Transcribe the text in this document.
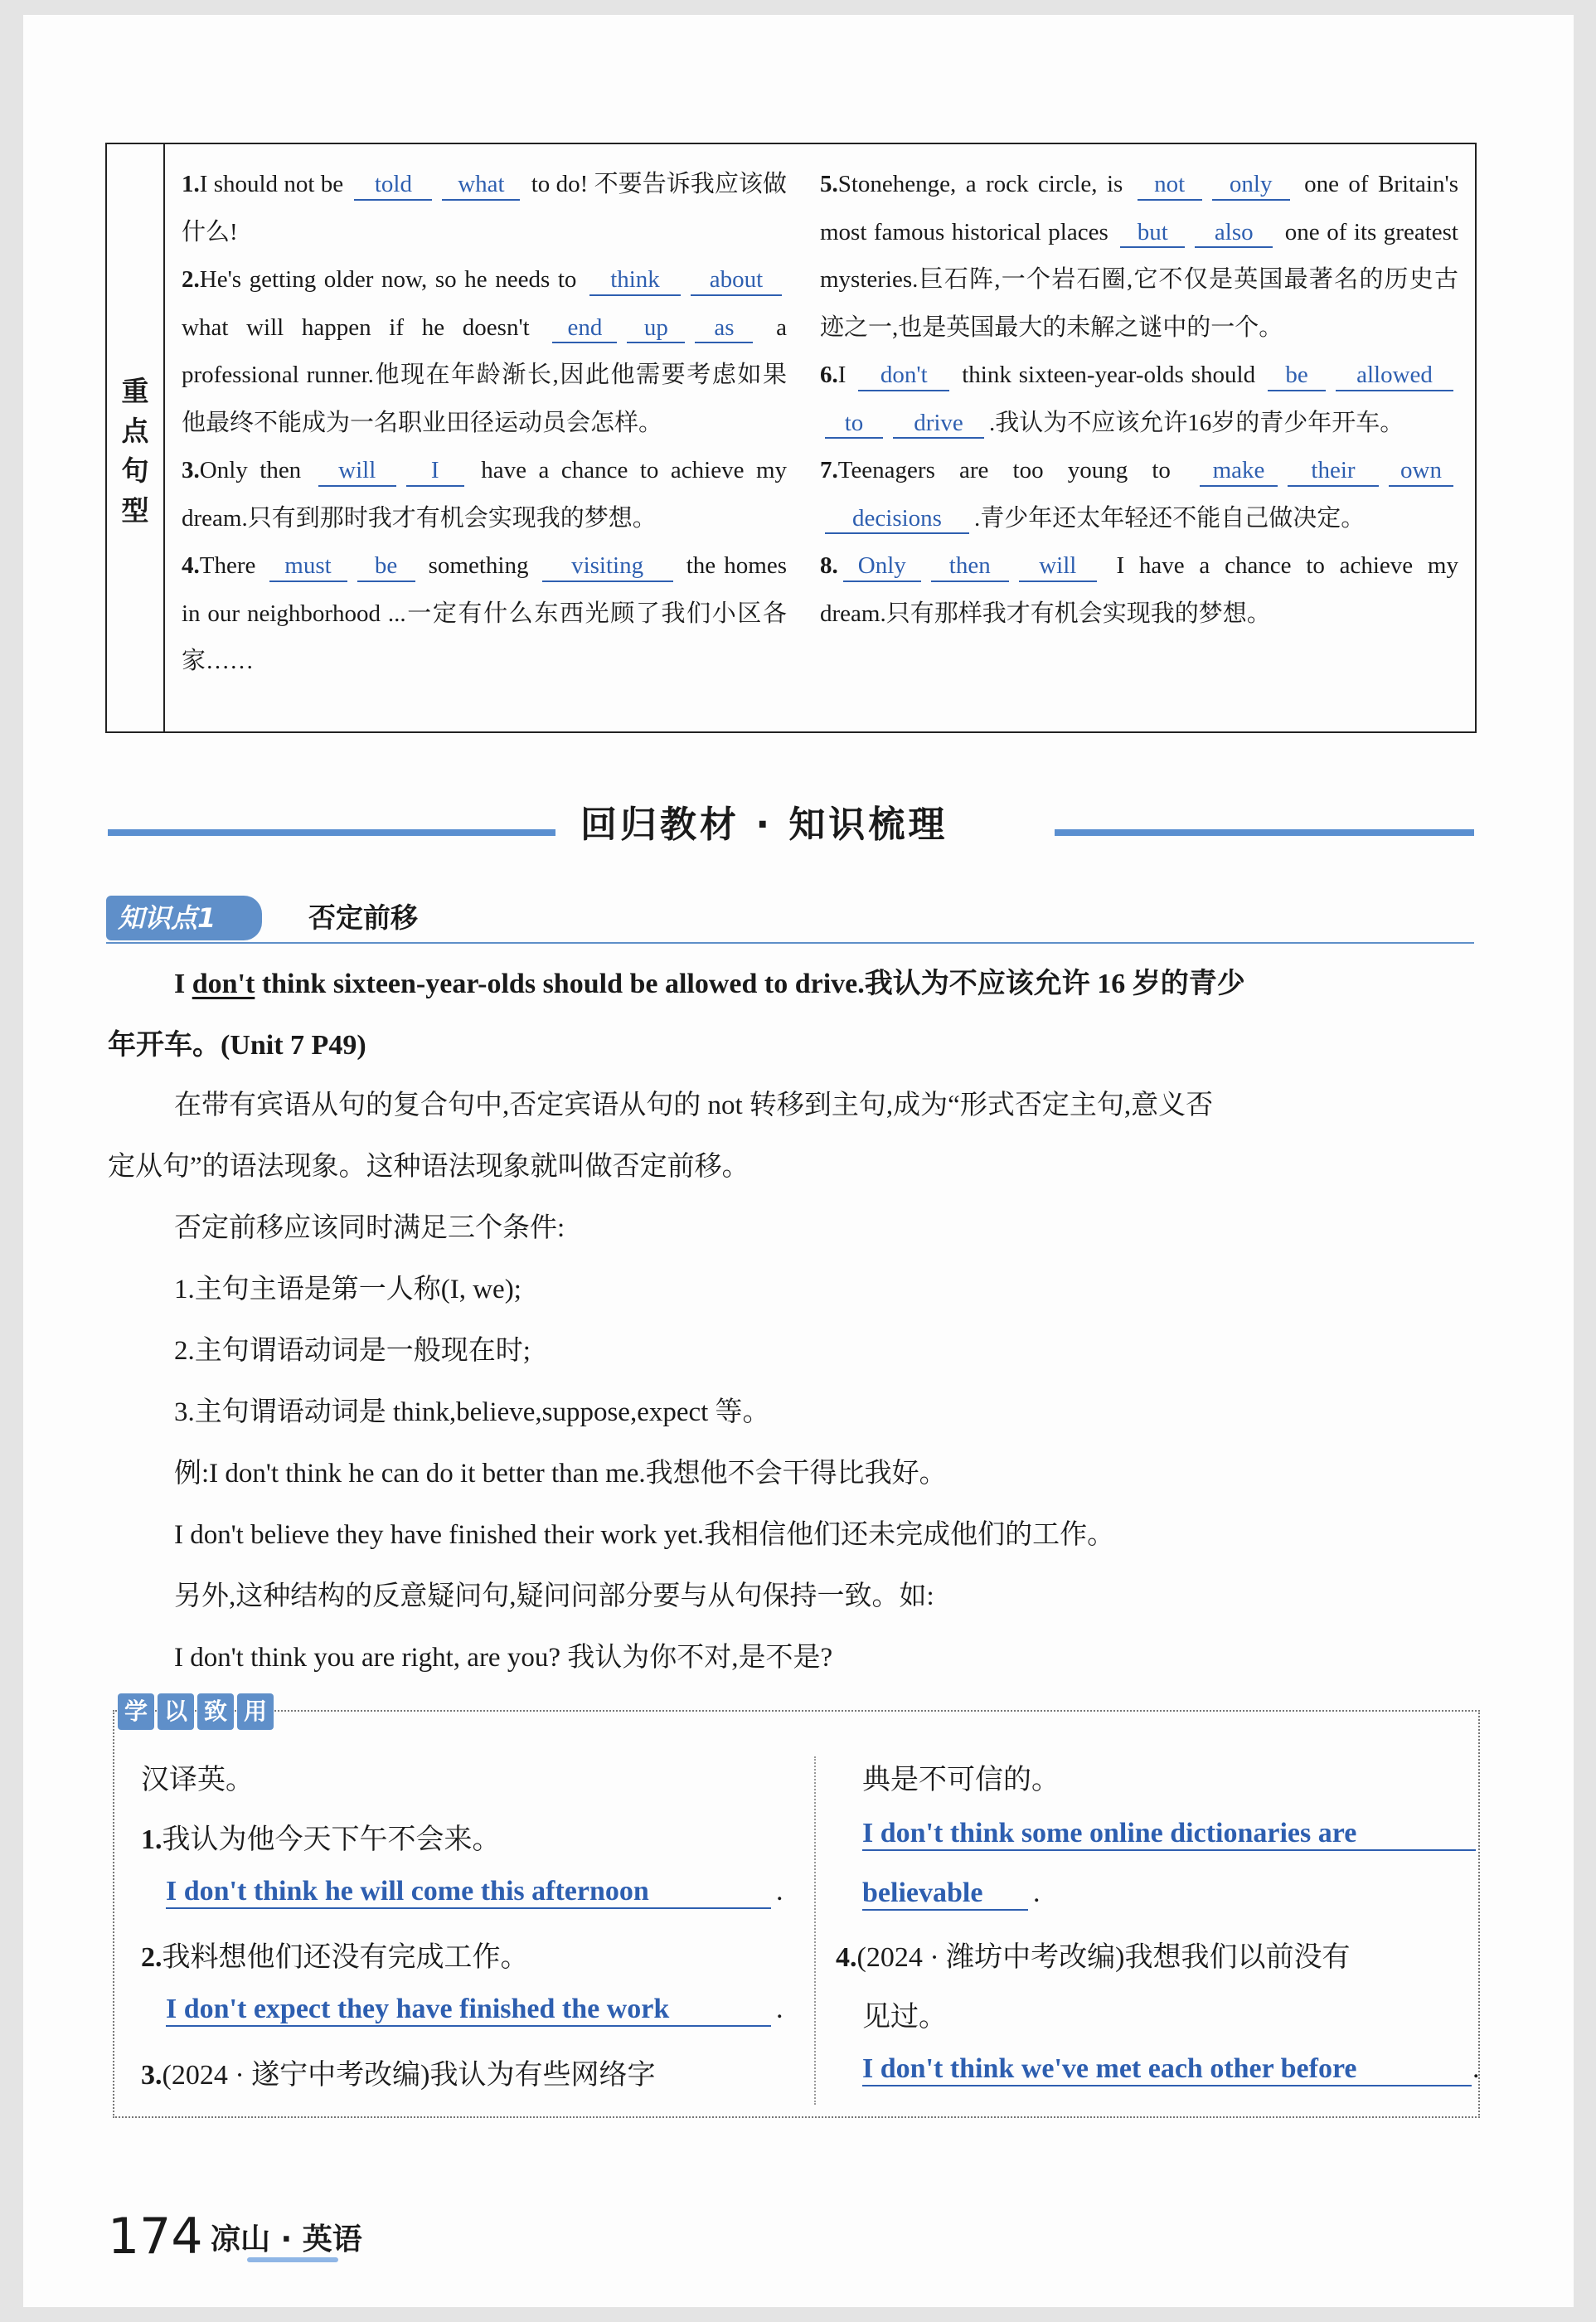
重
点
句
型

1.I should not be told what to do! 不要告诉我应该做什么!

2.He's getting older now, so he needs to think about what will happen if he doesn't end up as a professional runner.他现在年龄渐长,因此他需要考虑如果他最终不能成为一名职业田径运动员会怎样。

3.Only then will I have a chance to achieve my dream.只有到那时我才有机会实现我的梦想。

4.There must be something visiting the homes in our neighborhood ...一定有什么东西光顾了我们小区各家……

5.Stonehenge, a rock circle, is not only one of Britain's most famous historical places but also one of its greatest mysteries.巨石阵,一个岩石圈,它不仅是英国最著名的历史古迹之一,也是英国最大的未解之谜中的一个。

6.I don't think sixteen-year-olds should be allowedto drive .我认为不应该允许16岁的青少年开车。

7.Teenagers are too young to make their owndecisions .青少年还太年轻还不能自己做决定。

8. Only then will I have a chance to achieve my dream.只有那样我才有机会实现我的梦想。

回归教材 · 知识梳理
知识点1	否定前移
I don't think sixteen-year-olds should be allowed to drive.我认为不应该允许 16 岁的青少
年开车。(Unit 7 P49)
在带有宾语从句的复合句中,否定宾语从句的 not 转移到主句,成为“形式否定主句,意义否
定从句”的语法现象。这种语法现象就叫做否定前移。
否定前移应该同时满足三个条件:
1.主句主语是第一人称(I, we);
2.主句谓语动词是一般现在时;
3.主句谓语动词是 think,believe,suppose,expect 等。
例:I don't think he can do it better than me.我想他不会干得比我好。
I don't believe they have finished their work yet.我相信他们还未完成他们的工作。
另外,这种结构的反意疑问句,疑问问部分要与从句保持一致。如:
I don't think you are right, are you? 我认为你不对,是不是?
学 以 致 用
汉译英。
1.我认为他今天下午不会来。
I don't think he will come this afternoon	.
2.我料想他们还没有完成工作。
I don't expect they have finished the work	.
3.(2024 · 遂宁中考改编)我认为有些网络字
典是不可信的。
I don't think some online dictionaries are
believable	.
4.(2024 · 潍坊中考改编)我想我们以前没有
见过。
I don't think we've met each other before	.
174 凉山 · 英语
